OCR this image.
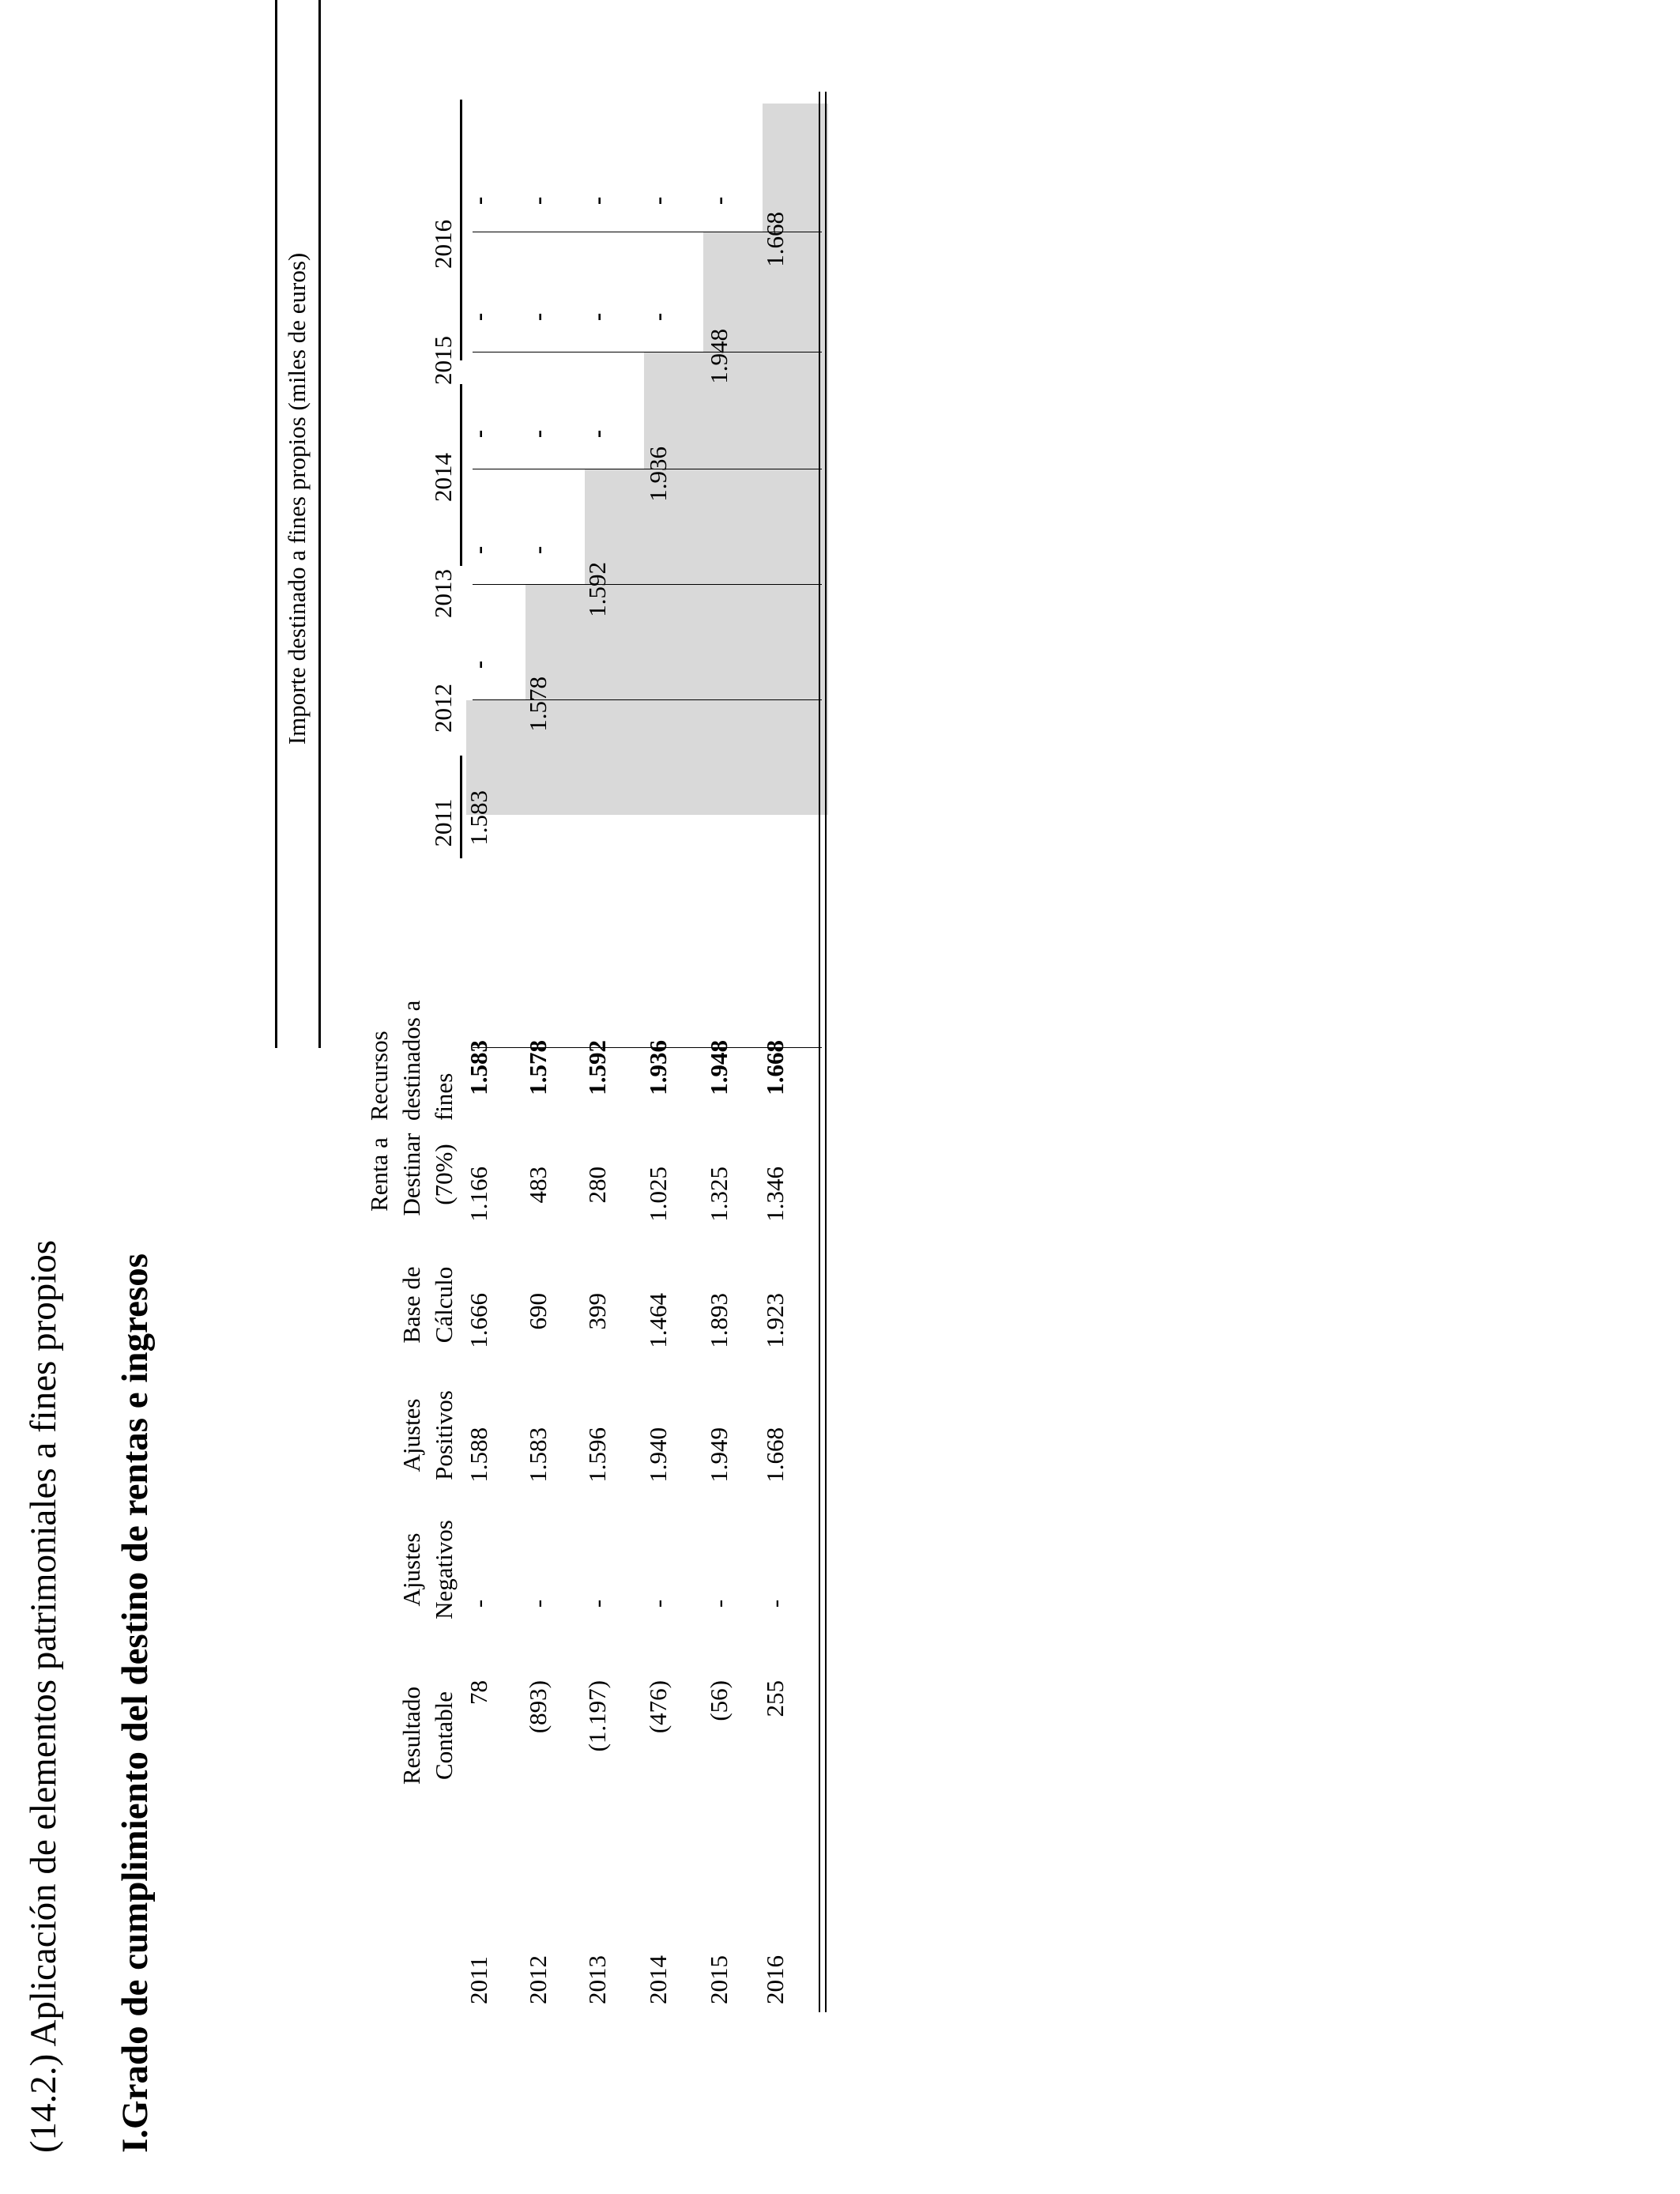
(14.2.) Aplicación de elementos patrimoniales a fines propios I.Grado de cumplimiento del destino de rentas e ingresos
Importe destinado a fines propios (miles de euros)
Resultado Contable
Ajustes Negativos
Ajustes Positivos
Base de Cálculo
Renta a Destinar (70%)
Recursos destinados a fines
2011
2012
2013
2014
2015
2016
2011
78
-
1.588
1.666
1.166
1.583
1.583
-
-
-
-
-
2012
(893)
-
1.583
690
483
1.578
1.578
-
-
-
-
2013
(1.197)
-
1.596
399
280
1.592
1.592
-
-
-
2014
(476)
-
1.940
1.464
1.025
1.936
1.936
-
-
2015
(56)
-
1.949
1.893
1.325
1.948
1.948
-
2016
255
-
1.668
1.923
1.346
1.668
1.668
